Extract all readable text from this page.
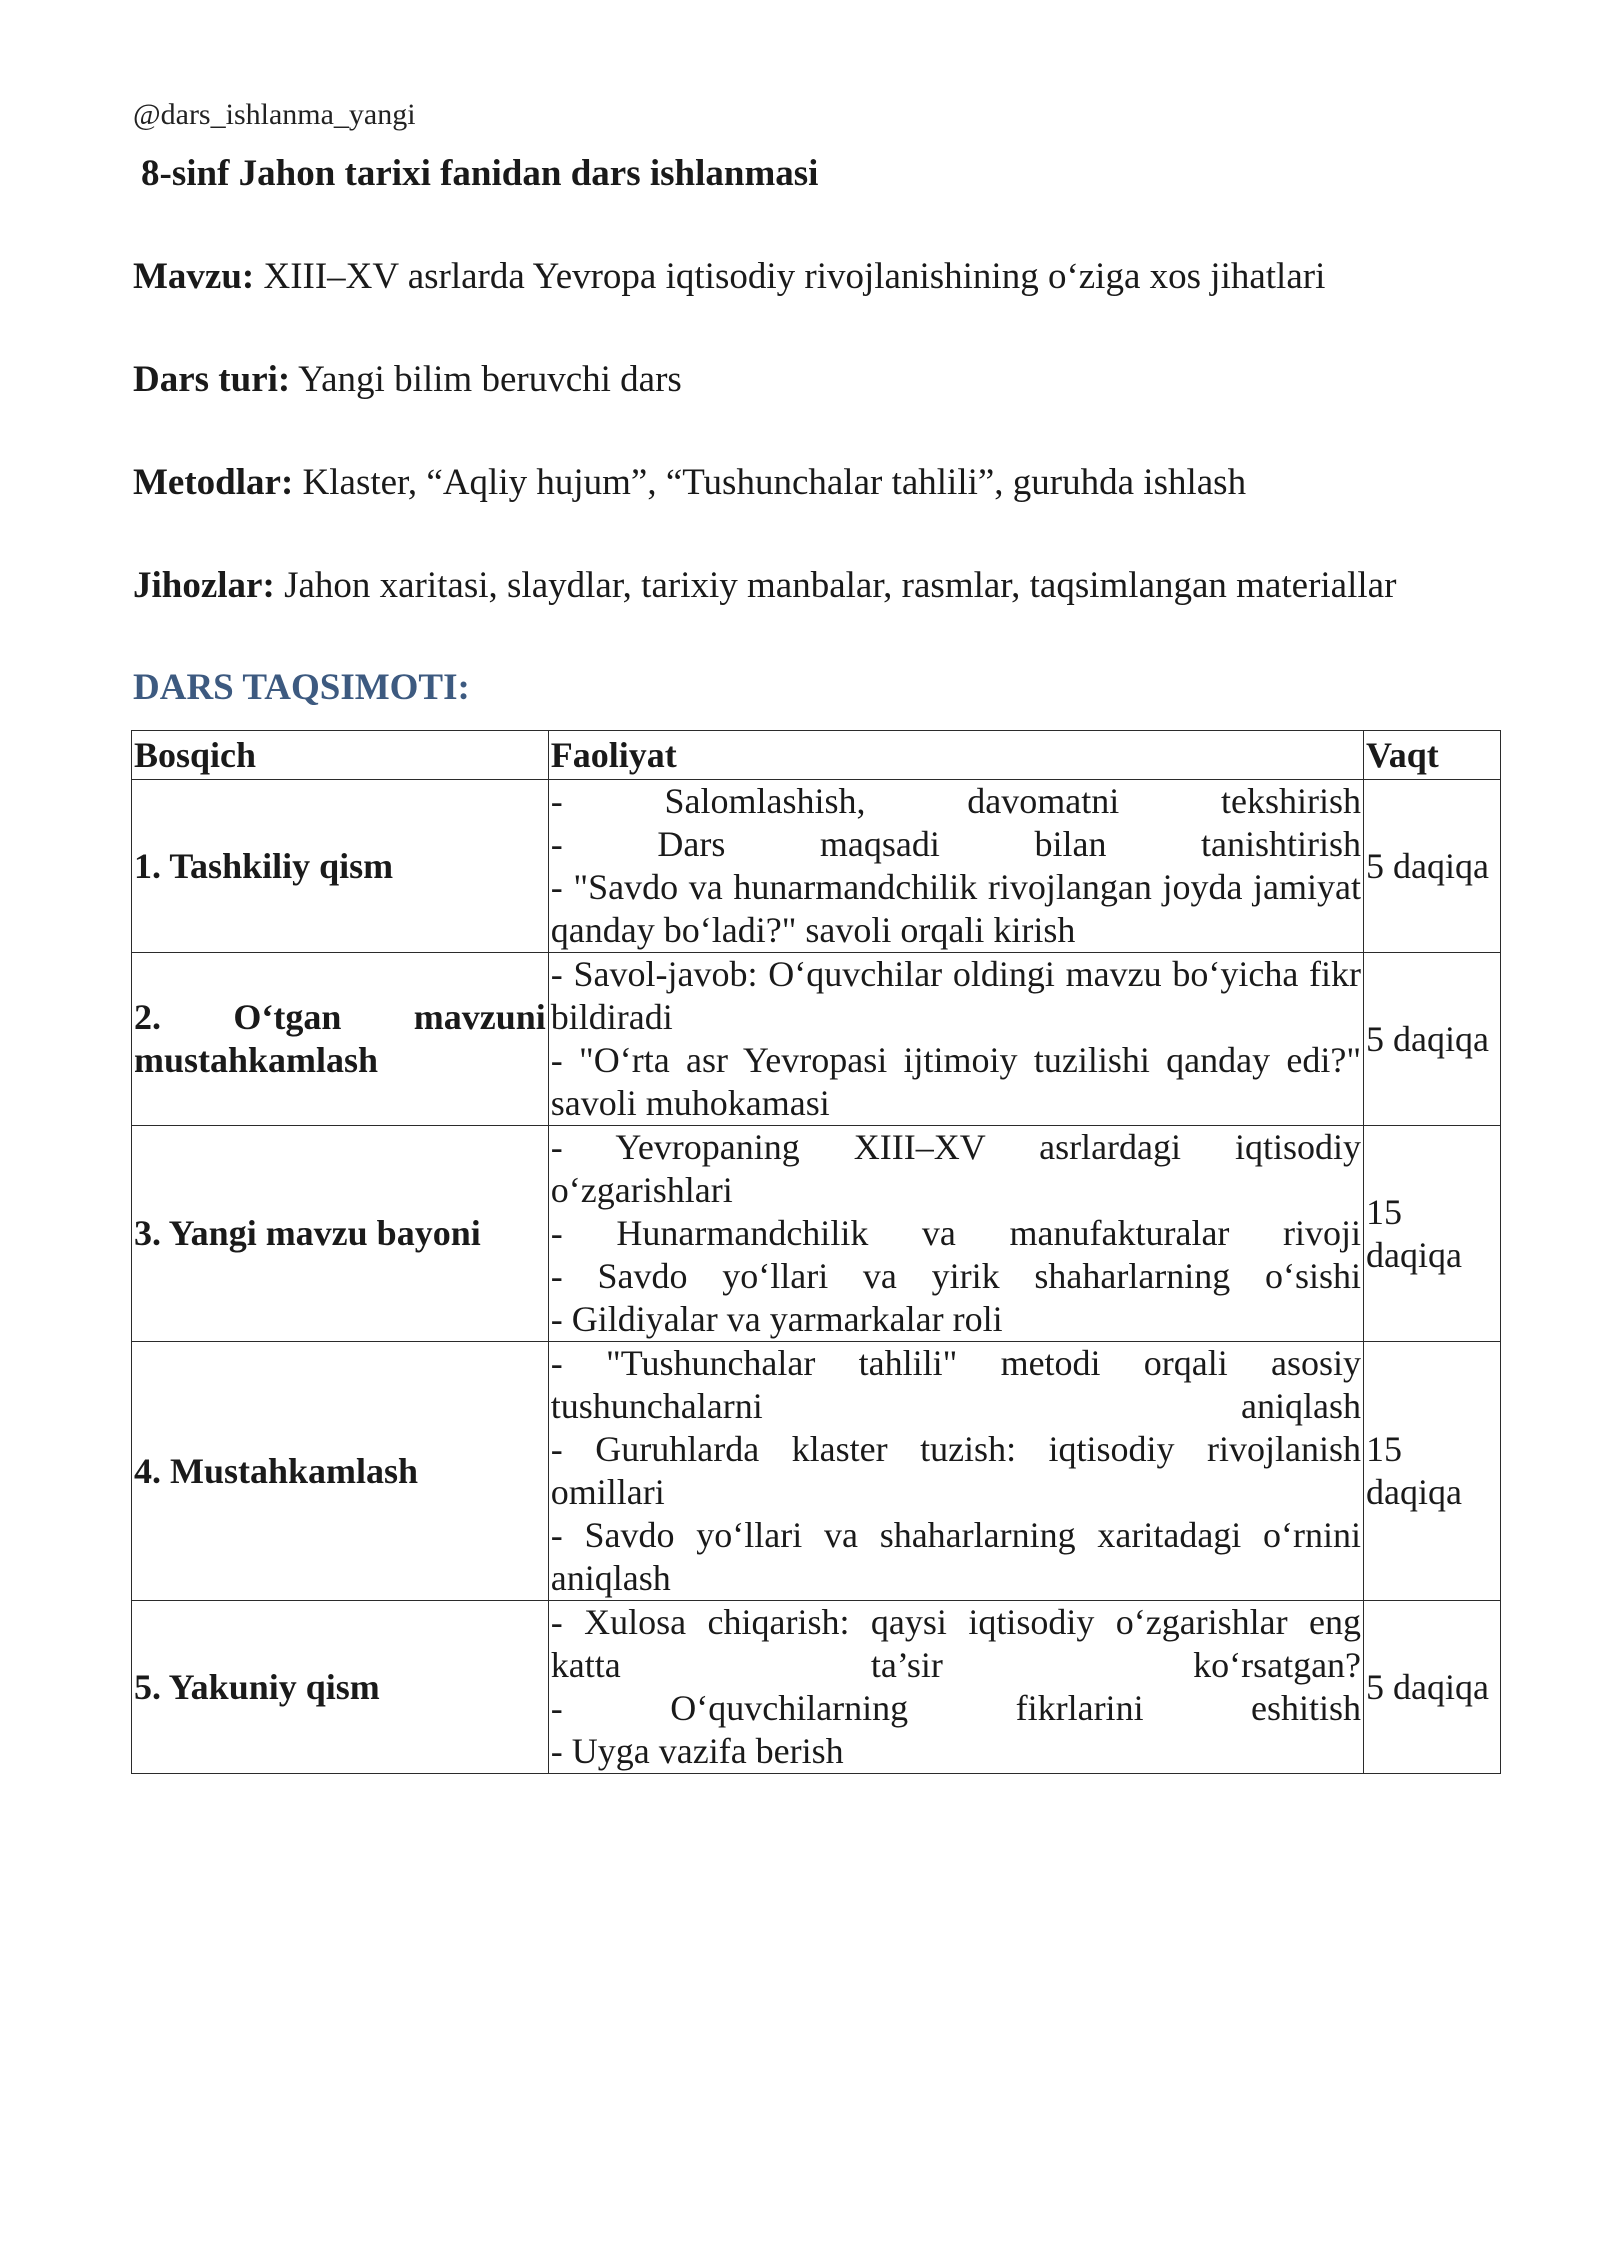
@dars_ishlanma_yangi
8-sinf Jahon tarixi fanidan dars ishlanmasi
Mavzu: XIII–XV asrlarda Yevropa iqtisodiy rivojlanishining o‘ziga xos jihatlari
Dars turi: Yangi bilim beruvchi dars
Metodlar: Klaster, “Aqliy hujum”, “Tushunchalar tahlili”, guruhda ishlash
Jihozlar: Jahon xaritasi, slaydlar, tarixiy manbalar, rasmlar, taqsimlangan materiallar
DARS TAQSIMOTI:
Bosqich	Faoliyat	Vaqt
1. Tashkiliy qism	- Salomlashish, davomatni tekshirish
- Dars maqsadi bilan tanishtirish
- "Savdo va hunarmandchilik rivojlangan joyda jamiyat qanday bo‘ladi?" savoli orqali kirish	5 daqiqa
2. O‘tgan mavzuni mustahkamlash	- Savol-javob: O‘quvchilar oldingi mavzu bo‘yicha fikr bildiradi
- "O‘rta asr Yevropasi ijtimoiy tuzilishi qanday edi?" savoli muhokamasi	5 daqiqa
3. Yangi mavzu bayoni	- Yevropaning XIII–XV asrlardagi iqtisodiy o‘zgarishlari
- Hunarmandchilik va manufakturalar rivoji
- Savdo yo‘llari va yirik shaharlarning o‘sishi
- Gildiyalar va yarmarkalar roli	15 daqiqa
4. Mustahkamlash	- "Tushunchalar tahlili" metodi orqali asosiy tushunchalarni aniqlash
- Guruhlarda klaster tuzish: iqtisodiy rivojlanish omillari
- Savdo yo‘llari va shaharlarning xaritadagi o‘rnini aniqlash	15 daqiqa
5. Yakuniy qism	- Xulosa chiqarish: qaysi iqtisodiy o‘zgarishlar eng katta ta’sir ko‘rsatgan?
- O‘quvchilarning fikrlarini eshitish
- Uyga vazifa berish	5 daqiqa
